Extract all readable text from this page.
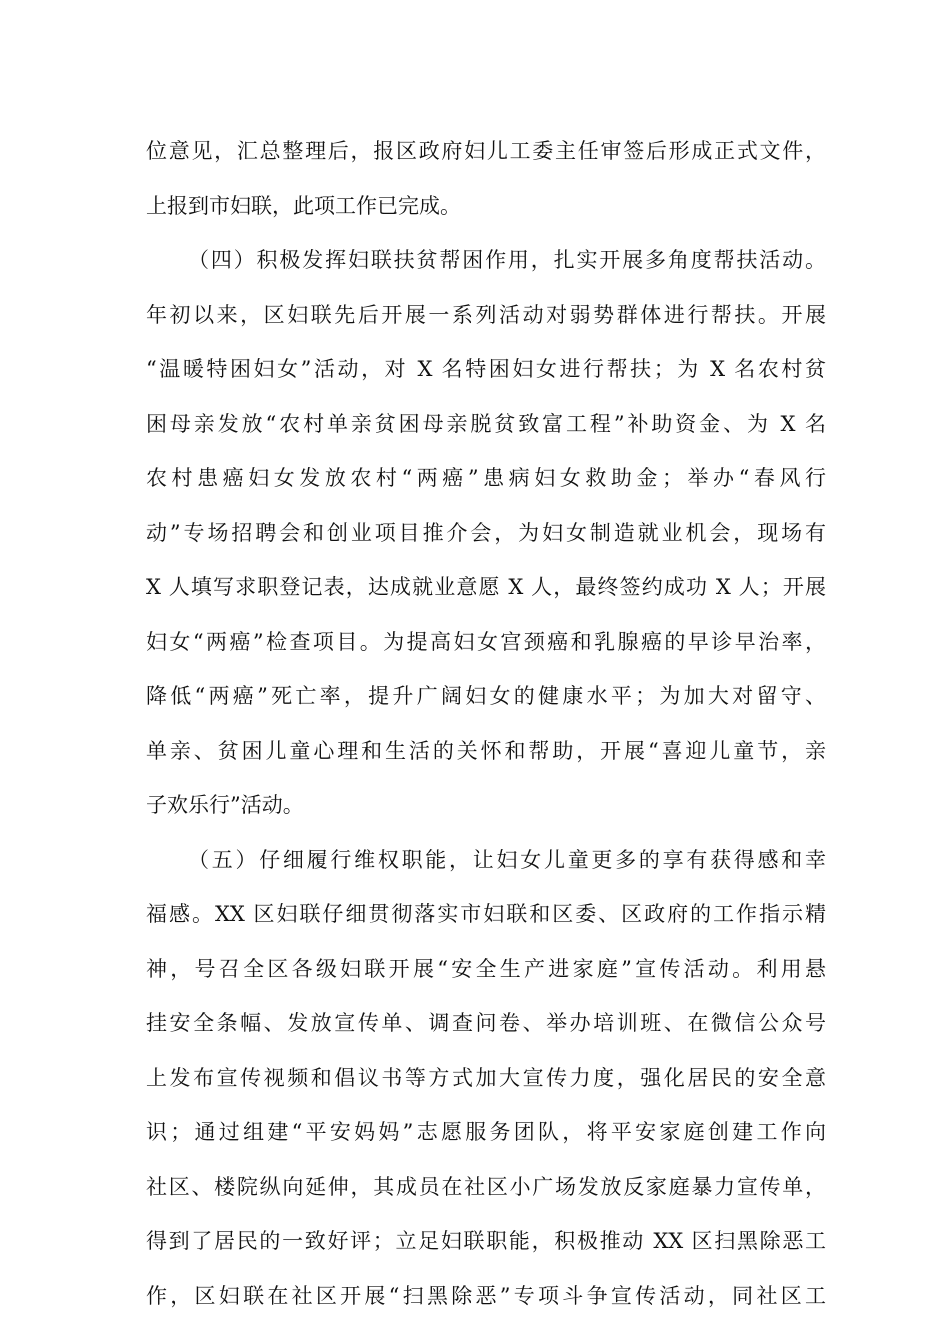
位意见，汇总整理后，报区政府妇儿工委主任审签后形成正式文件，
上报到市妇联，此项工作已完成。
（四）积极发挥妇联扶贫帮困作用，扎实开展多角度帮扶活动。
年初以来，区妇联先后开展一系列活动对弱势群体进行帮扶。开展
“温暖特困妇女”活动，对 X 名特困妇女进行帮扶；为 X 名农村贫
困母亲发放“农村单亲贫困母亲脱贫致富工程”补助资金、为 X 名
农村患癌妇女发放农村“两癌”患病妇女救助金；举办“春风行
动”专场招聘会和创业项目推介会，为妇女制造就业机会，现场有
X 人填写求职登记表，达成就业意愿 X 人，最终签约成功 X 人；开展
妇女“两癌”检查项目。为提高妇女宫颈癌和乳腺癌的早诊早治率，
降低“两癌”死亡率，提升广阔妇女的健康水平；为加大对留守、
单亲、贫困儿童心理和生活的关怀和帮助，开展“喜迎儿童节，亲
子欢乐行”活动。
（五）仔细履行维权职能，让妇女儿童更多的享有获得感和幸
福感。XX 区妇联仔细贯彻落实市妇联和区委、区政府的工作指示精
神，号召全区各级妇联开展“安全生产进家庭”宣传活动。利用悬
挂安全条幅、发放宣传单、调查问卷、举办培训班、在微信公众号
上发布宣传视频和倡议书等方式加大宣传力度，强化居民的安全意
识；通过组建“平安妈妈”志愿服务团队，将平安家庭创建工作向
社区、楼院纵向延伸，其成员在社区小广场发放反家庭暴力宣传单，
得到了居民的一致好评；立足妇联职能，积极推动 XX 区扫黑除恶工
作，区妇联在社区开展“扫黑除恶”专项斗争宣传活动，同社区工
